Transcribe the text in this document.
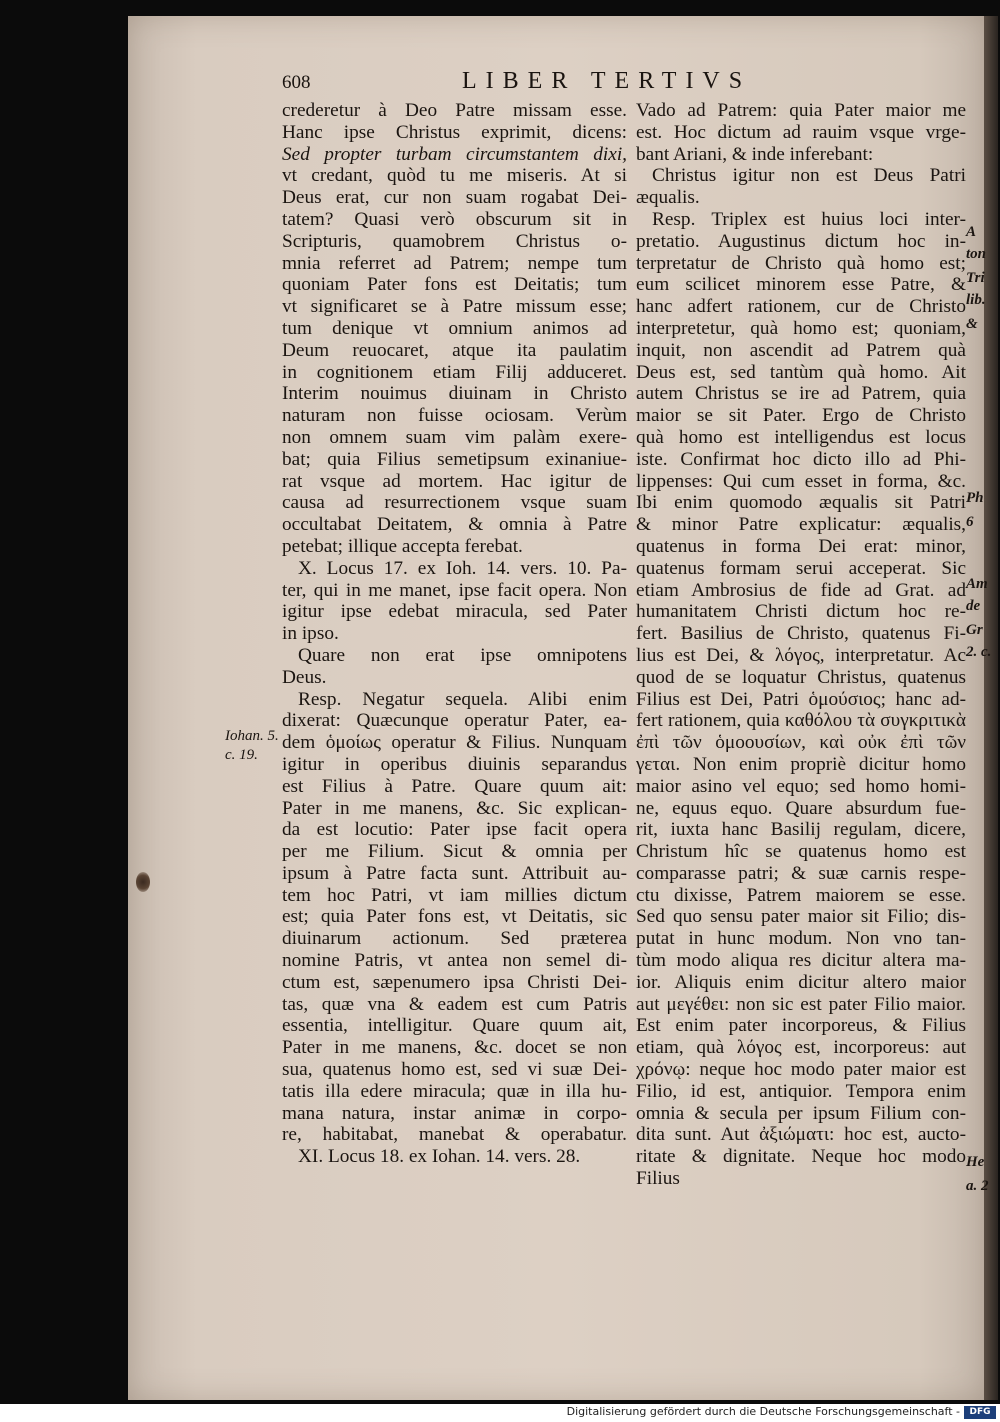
608	LIBER TERTIVS
crederetur à Deo Patre missam esse.
Hanc ipse Christus exprimit, dicens:
Sed propter turbam circumstantem dixi,
vt credant, quòd tu me miseris. At si
Deus erat, cur non suam rogabat Dei-
tatem? Quasi verò obscurum sit in
Scripturis, quamobrem Christus o-
mnia referret ad Patrem; nempe tum
quoniam Pater fons est Deitatis; tum
vt significaret se à Patre missum esse;
tum denique vt omnium animos ad
Deum reuocaret, atque ita paulatim
in cognitionem etiam Filij adduceret.
Interim nouimus diuinam in Christo
naturam non fuisse ociosam. Verùm
non omnem suam vim palàm exere-
bat; quia Filius semetipsum exinaniue-
rat vsque ad mortem. Hac igitur de
causa ad resurrectionem vsque suam
occultabat Deitatem, & omnia à Patre
petebat; illique accepta ferebat.
X. Locus 17. ex Ioh. 14. vers. 10. Pa-
ter, qui in me manet, ipse facit opera. Non
igitur ipse edebat miracula, sed Pater
in ipso.
Quare non erat ipse omnipotens
Deus.
Resp. Negatur sequela. Alibi enim
dixerat: Quæcunque operatur Pater, ea-
dem ὁμοίως operatur & Filius. Nunquam
igitur in operibus diuinis separandus
est Filius à Patre. Quare quum ait:
Pater in me manens, &c. Sic explican-
da est locutio: Pater ipse facit opera
per me Filium. Sicut & omnia per
ipsum à Patre facta sunt. Attribuit au-
tem hoc Patri, vt iam millies dictum
est; quia Pater fons est, vt Deitatis, sic
diuinarum actionum. Sed præterea
nomine Patris, vt antea non semel di-
ctum est, sæpenumero ipsa Christi Dei-
tas, quæ vna & eadem est cum Patris
essentia, intelligitur. Quare quum ait,
Pater in me manens, &c. docet se non
sua, quatenus homo est, sed vi suæ Dei-
tatis illa edere miracula; quæ in illa hu-
mana natura, instar animæ in corpo-
re, habitabat, manebat & operabatur.
XI. Locus 18. ex Iohan. 14. vers. 28.
Vado ad Patrem: quia Pater maior me
est. Hoc dictum ad rauim vsque vrge-
bant Ariani, & inde inferebant:
Christus igitur non est Deus Patri
æqualis.
Resp. Triplex est huius loci inter-
pretatio. Augustinus dictum hoc in-
terpretatur de Christo quà homo est;
eum scilicet minorem esse Patre, &
hanc adfert rationem, cur de Christo
interpretetur, quà homo est; quoniam,
inquit, non ascendit ad Patrem quà
Deus est, sed tantùm quà homo. Ait
autem Christus se ire ad Patrem, quia
maior se sit Pater. Ergo de Christo
quà homo est intelligendus est locus
iste. Confirmat hoc dicto illo ad Phi-
lippenses: Qui cum esset in forma, &c.
Ibi enim quomodo æqualis sit Patri
& minor Patre explicatur: æqualis,
quatenus in forma Dei erat: minor,
quatenus formam serui acceperat. Sic
etiam Ambrosius de fide ad Grat. ad
humanitatem Christi dictum hoc re-
fert. Basilius de Christo, quatenus Fi-
lius est Dei, & λόγος, interpretatur. Ac
quod de se loquatur Christus, quatenus
Filius est Dei, Patri ὁμούσιος; hanc ad-
fert rationem, quia καθόλου τὰ συγκριτικὰ
ἐπὶ τῶν ὁμοουσίων, καὶ οὐκ ἐπὶ τῶν
γεται. Non enim propriè dicitur homo
maior asino vel equo; sed homo homi-
ne, equus equo. Quare absurdum fue-
rit, iuxta hanc Basilij regulam, dicere,
Christum hîc se quatenus homo est
comparasse patri; & suæ carnis respe-
ctu dixisse, Patrem maiorem se esse.
Sed quo sensu pater maior sit Filio; dis-
putat in hunc modum. Non vno tan-
tùm modo aliqua res dicitur altera ma-
ior. Aliquis enim dicitur altero maior
aut μεγέθει: non sic est pater Filio maior.
Est enim pater incorporeus, & Filius
etiam, quà λόγος est, incorporeus: aut
χρόνῳ: neque hoc modo pater maior est
Filio, id est, antiquior. Tempora enim
omnia & secula per ipsum Filium con-
dita sunt. Aut ἀξιώματι: hoc est, aucto-
ritate & dignitate. Neque hoc modo
Filius
Iohan. 5.
c. 19.
A
ton
Tri
lib.
&
Ph
6
Am
de
Gr
2. c.
He
a. 2
Digitalisierung gefördert durch die Deutsche Forschungsgemeinschaft -	DFG
